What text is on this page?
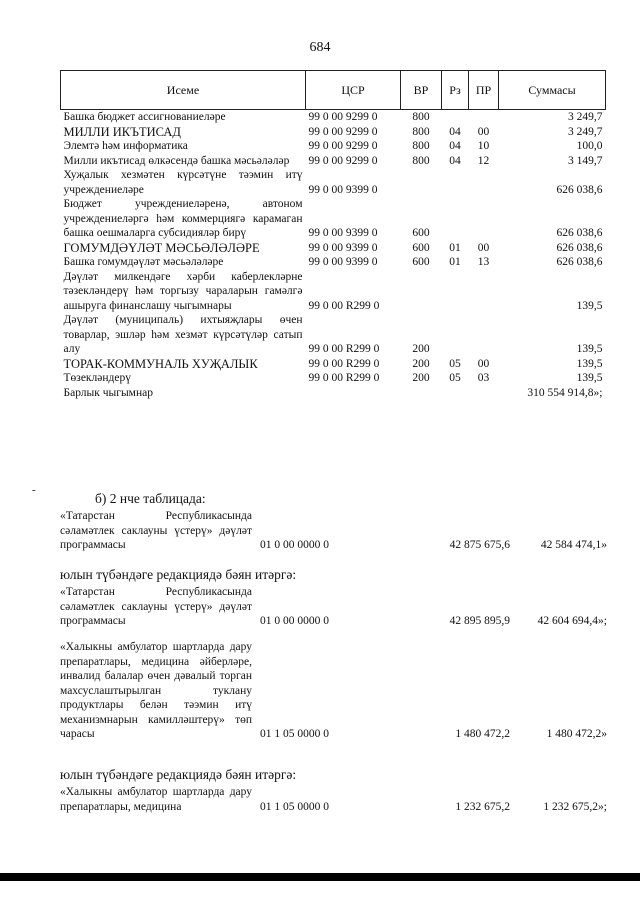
684
Исеме	ЦСР	ВР	Рз	ПР	Суммасы
Башка бюджет ассигнованиеләре	99 0 00 9299 0	800			3 249,7
МИЛЛИ ИКЪТИСАД	99 0 00 9299 0	800	04	00	3 249,7
Элемтә һәм информатика	99 0 00 9299 0	800	04	10	100,0
Милли икътисад өлкәсендә башка мәсьәләләр	99 0 00 9299 0	800	04	12	3 149,7
Хуҗалык хезмәтен күрсәтүне тәэмин итү учреждениеләре	99 0 00 9399 0				626 038,6
Бюджет учреждениеләренә, автоном учреждениеләргә һәм коммерциягә карамаган башка оешмаларга субсидияләр бирү	99 0 00 9399 0	600			626 038,6
ГОМУМДӘҮЛӘТ МӘСЬӘЛӘЛӘРЕ	99 0 00 9399 0	600	01	00	626 038,6
Башка гомумдәүләт мәсьәләләре	99 0 00 9399 0	600	01	13	626 038,6
Дәүләт милкендәге хәрби каберлекләрне тәзекләндерү һәм торгызу чараларын гамәлгә ашыруга финанслашу чыгымнары	99 0 00 R299 0				139,5
Дәүләт (муниципаль) ихтыяҗлары өчен товарлар, эшләр һәм хезмәт күрсәтүләр сатып алу	99 0 00 R299 0	200			139,5
ТОРАК-КОММУНАЛЬ ХУҖАЛЫК	99 0 00 R299 0	200	05	00	139,5
Төзекләндерү	99 0 00 R299 0	200	05	03	139,5
Барлык чыгымнар					310 554 914,8»;
-
б) 2 нче таблицада:
«Татарстан Республикасында сәламәтлек саклауны үстерү» дәүләт программасы	01 0 00 0000 0	42 875 675,6	42 584 474,1»
юлын түбәндәге редакциядә бәян итәргә:
«Татарстан Республикасында сәламәтлек саклауны үстерү» дәүләт программасы	01 0 00 0000 0	42 895 895,9	42 604 694,4»;
«Халыкны амбулатор шартларда дару препаратлары, медицина әйберләре, инвалид балалар өчен дәвалый торган махсуслаштырылган туклану продуктлары белән тәэмин итү механизмнарын камилләштерү» төп чарасы	01 1 05 0000 0	1 480 472,2	1 480 472,2»
юлын түбәндәге редакциядә бәян итәргә:
«Халыкны амбулатор шартларда дару препаратлары, медицина	01 1 05 0000 0	1 232 675,2	1 232 675,2»;
